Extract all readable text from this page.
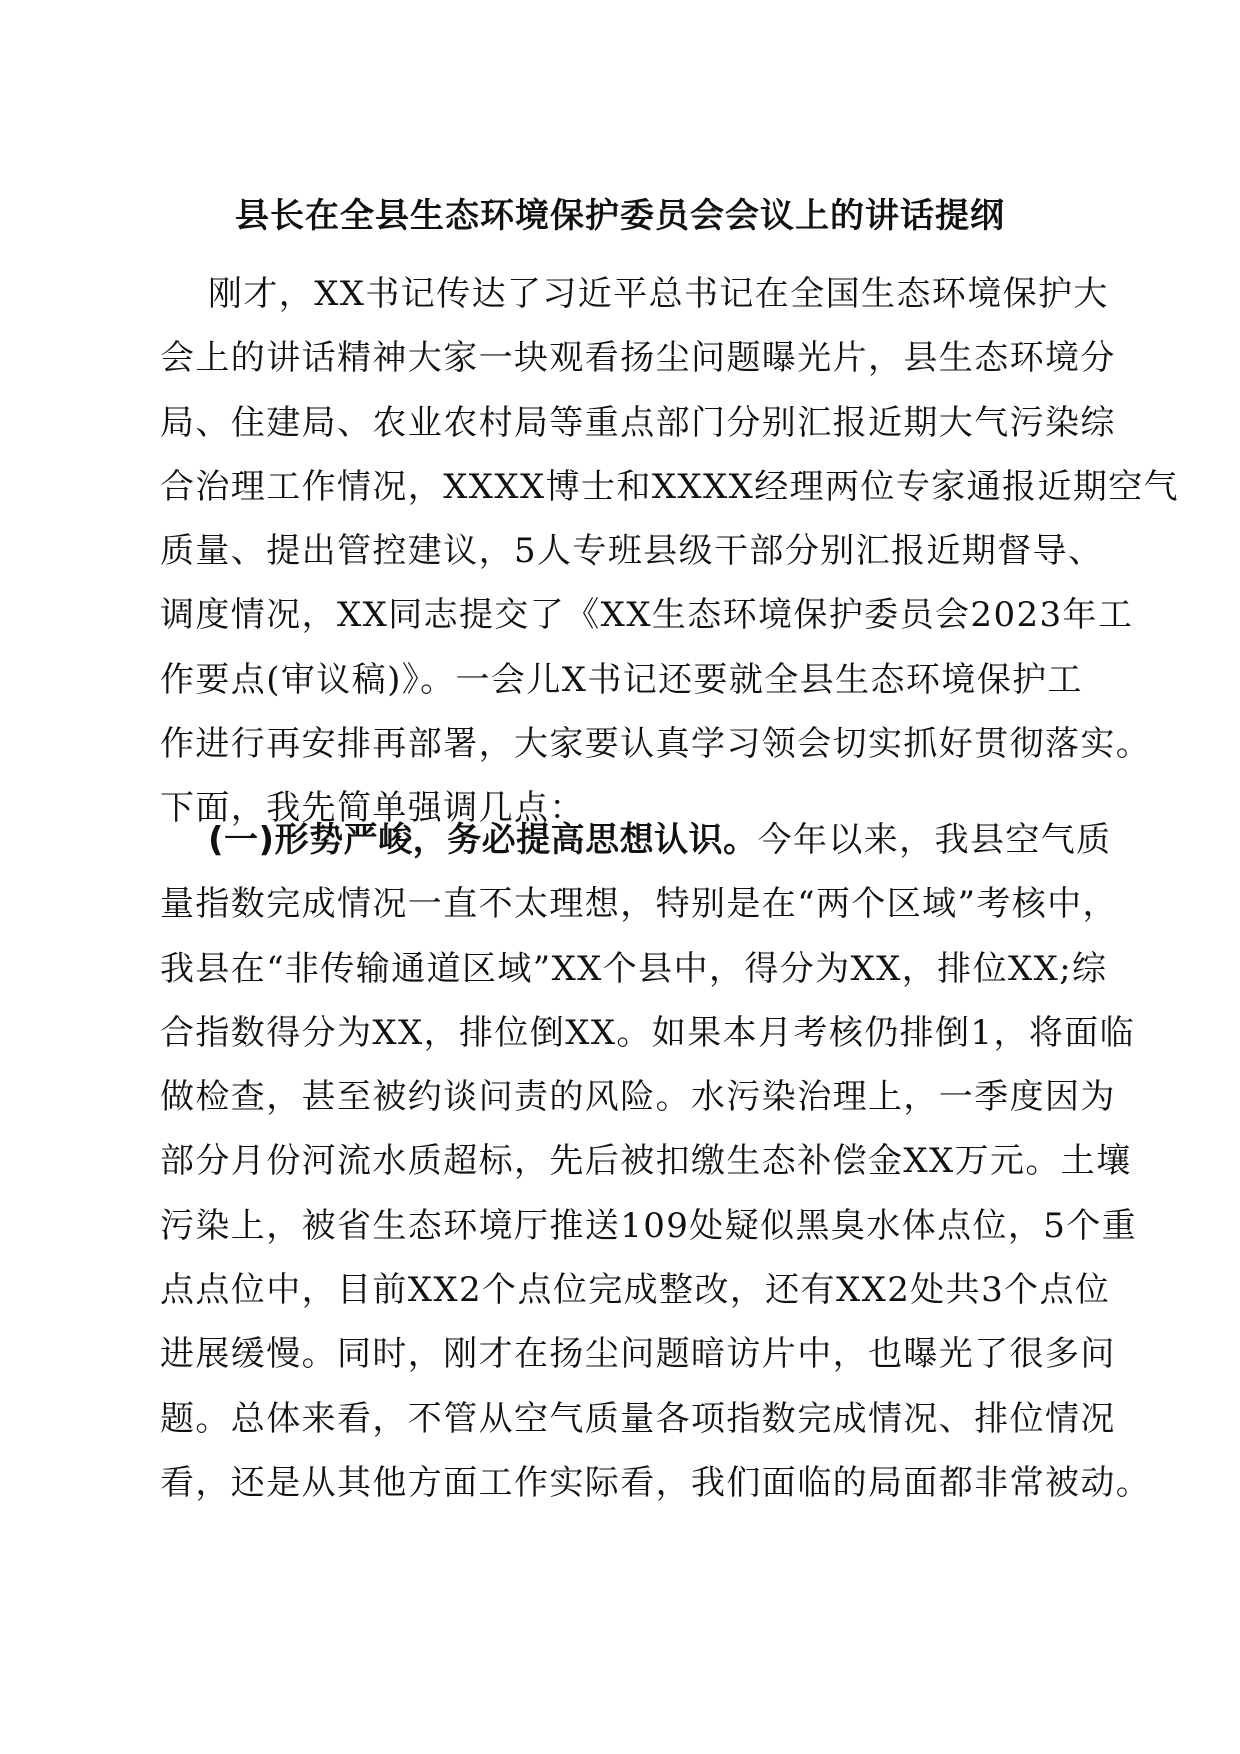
县长在全县生态环境保护委员会会议上的讲话提纲
刚才，XX书记传达了习近平总书记在全国生态环境保护大
会上的讲话精神大家一块观看扬尘问题曝光片，县生态环境分
局、住建局、农业农村局等重点部门分别汇报近期大气污染综
合治理工作情况，XXXX博士和XXXX经理两位专家通报近期空气
质量、提出管控建议，5人专班县级干部分别汇报近期督导、
调度情况，XX同志提交了《XX生态环境保护委员会2023年工
作要点(审议稿)》。一会儿X书记还要就全县生态环境保护工
作进行再安排再部署，大家要认真学习领会切实抓好贯彻落实。
下面，我先简单强调几点：
(一)形势严峻，务必提高思想认识。今年以来，我县空气质
量指数完成情况一直不太理想，特别是在“两个区域”考核中，
我县在“非传输通道区域”XX个县中，得分为XX，排位XX;综
合指数得分为XX，排位倒XX。如果本月考核仍排倒1，将面临
做检查，甚至被约谈问责的风险。水污染治理上，一季度因为
部分月份河流水质超标，先后被扣缴生态补偿金XX万元。土壤
污染上，被省生态环境厅推送109处疑似黑臭水体点位，5个重
点点位中，目前XX2个点位完成整改，还有XX2处共3个点位
进展缓慢。同时，刚才在扬尘问题暗访片中，也曝光了很多问
题。总体来看，不管从空气质量各项指数完成情况、排位情况
看，还是从其他方面工作实际看，我们面临的局面都非常被动。
